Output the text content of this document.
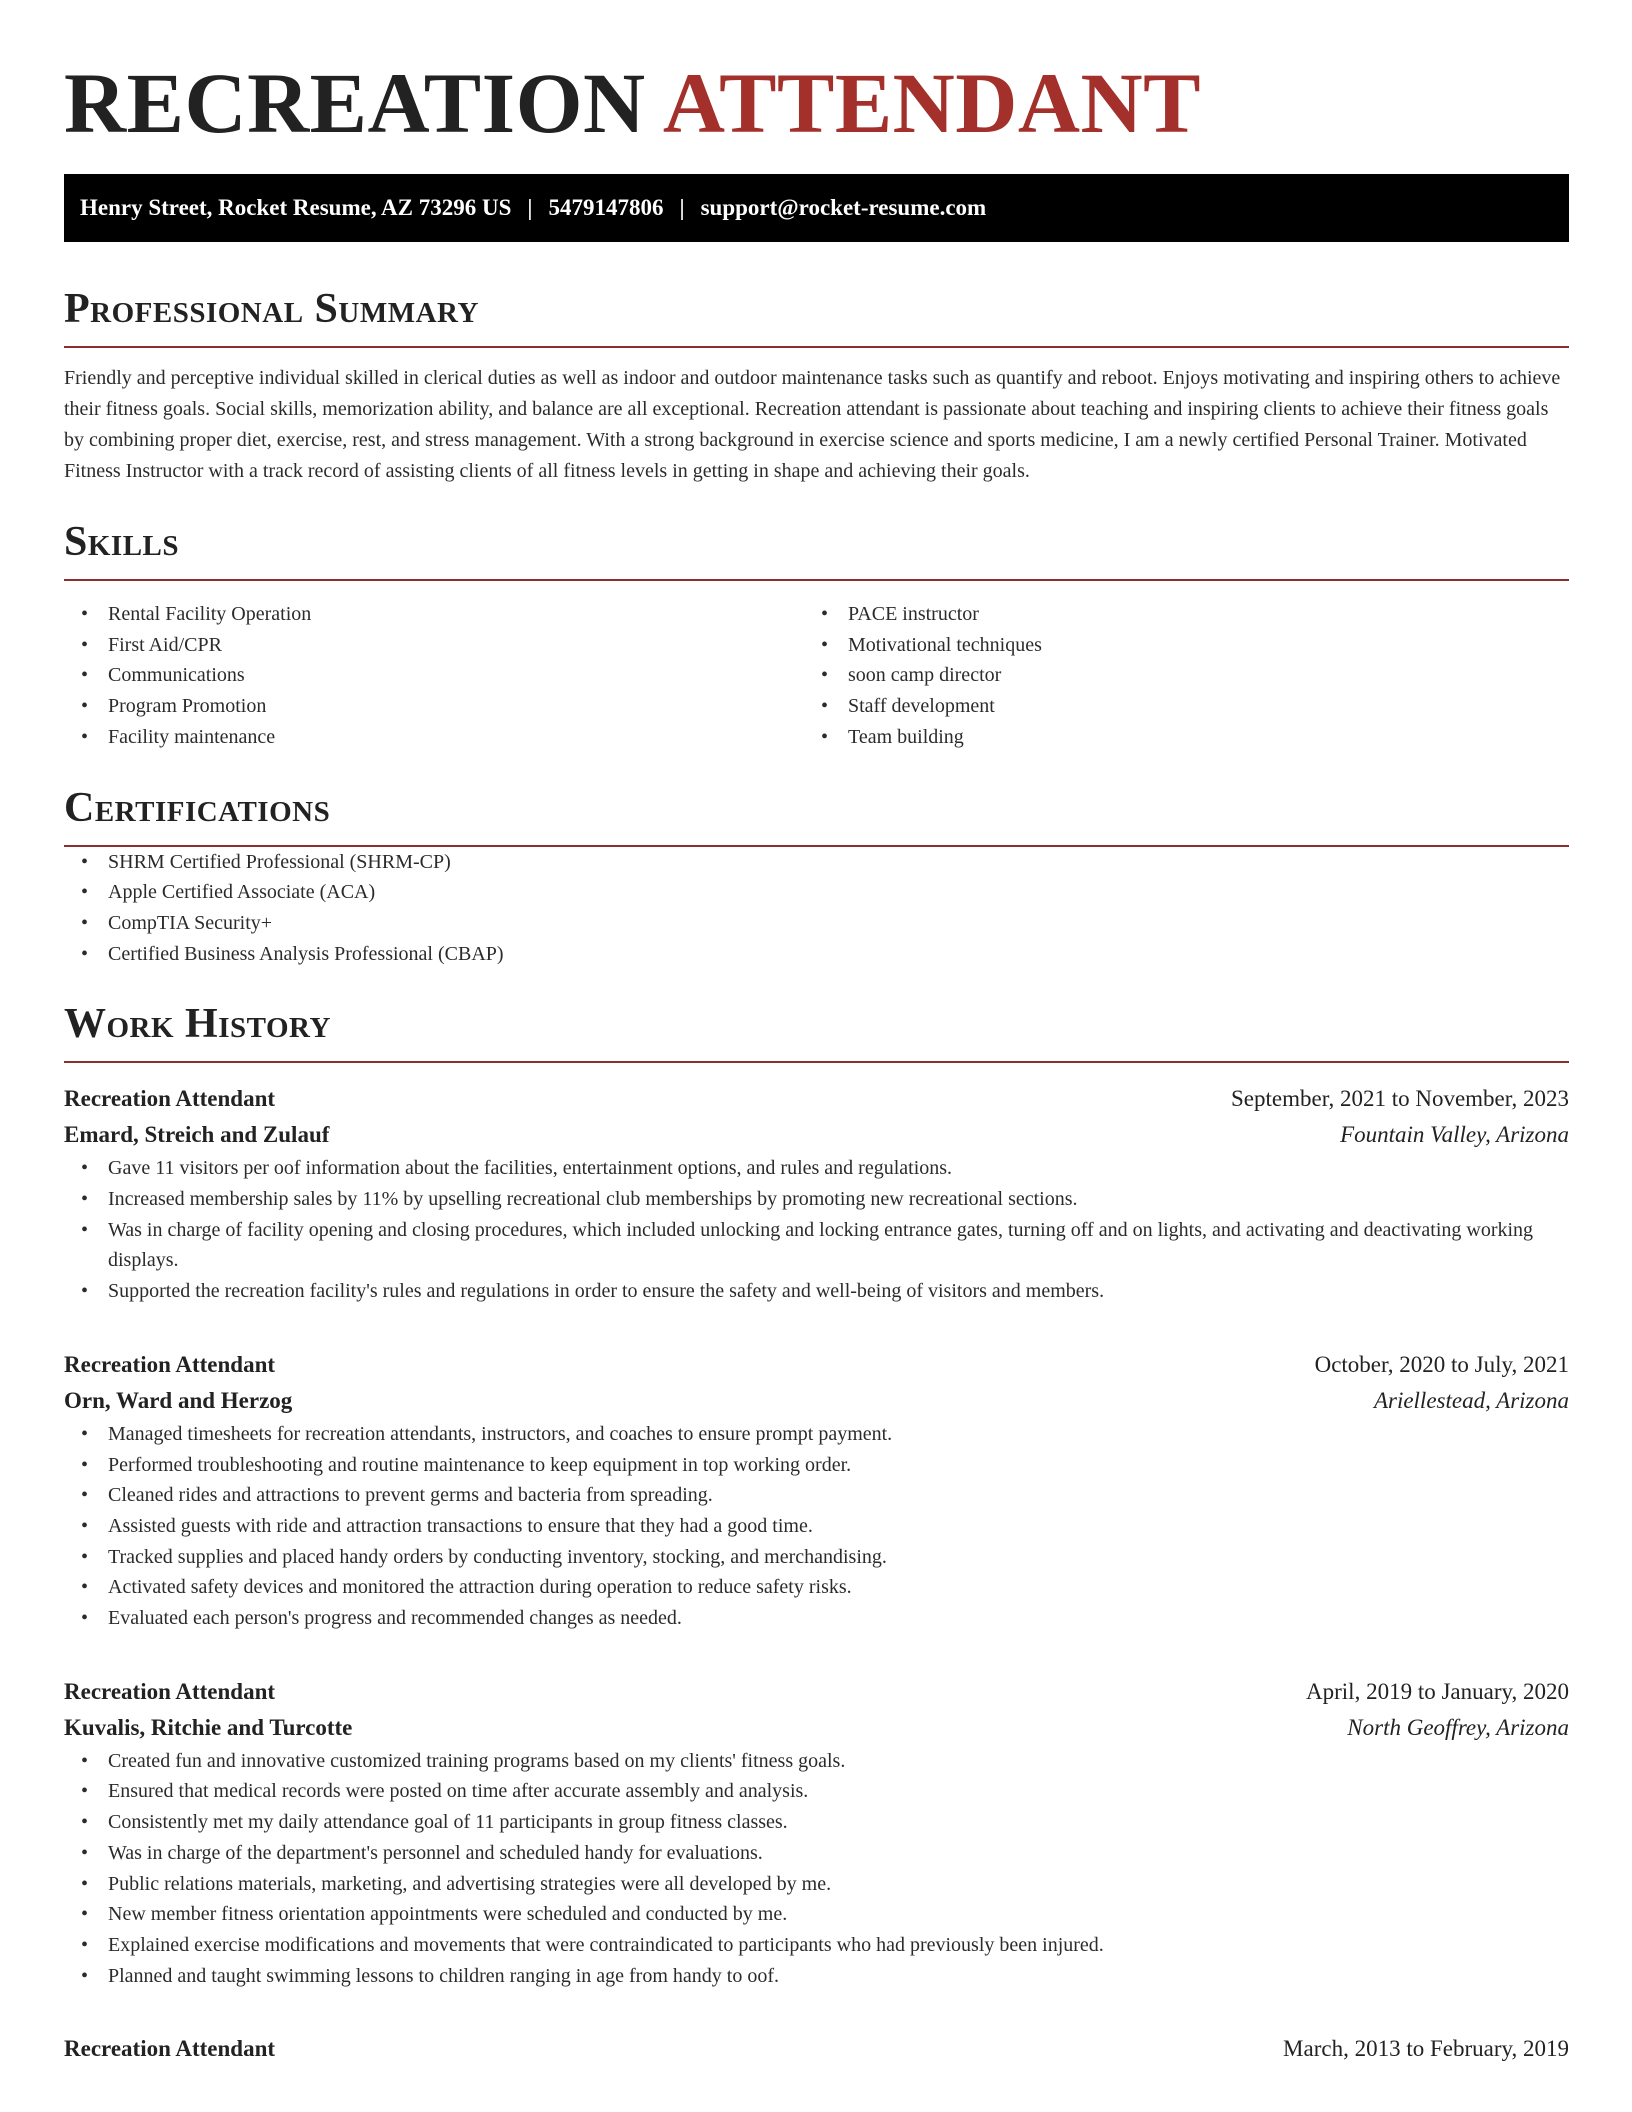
RECREATION ATTENDANT
Henry Street, Rocket Resume, AZ 73296 US | 5479147806 | support@rocket-resume.com
Professional Summary

Friendly and perceptive individual skilled in clerical duties as well as indoor and outdoor maintenance tasks such as quantify and reboot. Enjoys motivating and inspiring others to achieve their fitness goals. Social skills, memorization ability, and balance are all exceptional. Recreation attendant is passionate about teaching and inspiring clients to achieve their fitness goals by combining proper diet, exercise, rest, and stress management. With a strong background in exercise science and sports medicine, I am a newly certified Personal Trainer. Motivated Fitness Instructor with a track record of assisting clients of all fitness levels in getting in shape and achieving their goals.

Skills
• Rental Facility Operation
• First Aid/CPR
• Communications
• Program Promotion
• Facility maintenance
• PACE instructor
• Motivational techniques
• soon camp director
• Staff development
• Team building
Certifications
• SHRM Certified Professional (SHRM-CP)
• Apple Certified Associate (ACA)
• CompTIA Security+
• Certified Business Analysis Professional (CBAP)
Work History
Recreation Attendant	September, 2021 to November, 2023
Emard, Streich and Zulauf	Fountain Valley, Arizona
• Gave 11 visitors per oof information about the facilities, entertainment options, and rules and regulations.
• Increased membership sales by 11% by upselling recreational club memberships by promoting new recreational sections.
• Was in charge of facility opening and closing procedures, which included unlocking and locking entrance gates, turning off and on lights, and activating and deactivating working displays.
• Supported the recreation facility's rules and regulations in order to ensure the safety and well-being of visitors and members.
Recreation Attendant	October, 2020 to July, 2021
Orn, Ward and Herzog	Ariellestead, Arizona
• Managed timesheets for recreation attendants, instructors, and coaches to ensure prompt payment.
• Performed troubleshooting and routine maintenance to keep equipment in top working order.
• Cleaned rides and attractions to prevent germs and bacteria from spreading.
• Assisted guests with ride and attraction transactions to ensure that they had a good time.
• Tracked supplies and placed handy orders by conducting inventory, stocking, and merchandising.
• Activated safety devices and monitored the attraction during operation to reduce safety risks.
• Evaluated each person's progress and recommended changes as needed.
Recreation Attendant	April, 2019 to January, 2020
Kuvalis, Ritchie and Turcotte	North Geoffrey, Arizona
• Created fun and innovative customized training programs based on my clients' fitness goals.
• Ensured that medical records were posted on time after accurate assembly and analysis.
• Consistently met my daily attendance goal of 11 participants in group fitness classes.
• Was in charge of the department's personnel and scheduled handy for evaluations.
• Public relations materials, marketing, and advertising strategies were all developed by me.
• New member fitness orientation appointments were scheduled and conducted by me.
• Explained exercise modifications and movements that were contraindicated to participants who had previously been injured.
• Planned and taught swimming lessons to children ranging in age from handy to oof.
Recreation Attendant	March, 2013 to February, 2019
